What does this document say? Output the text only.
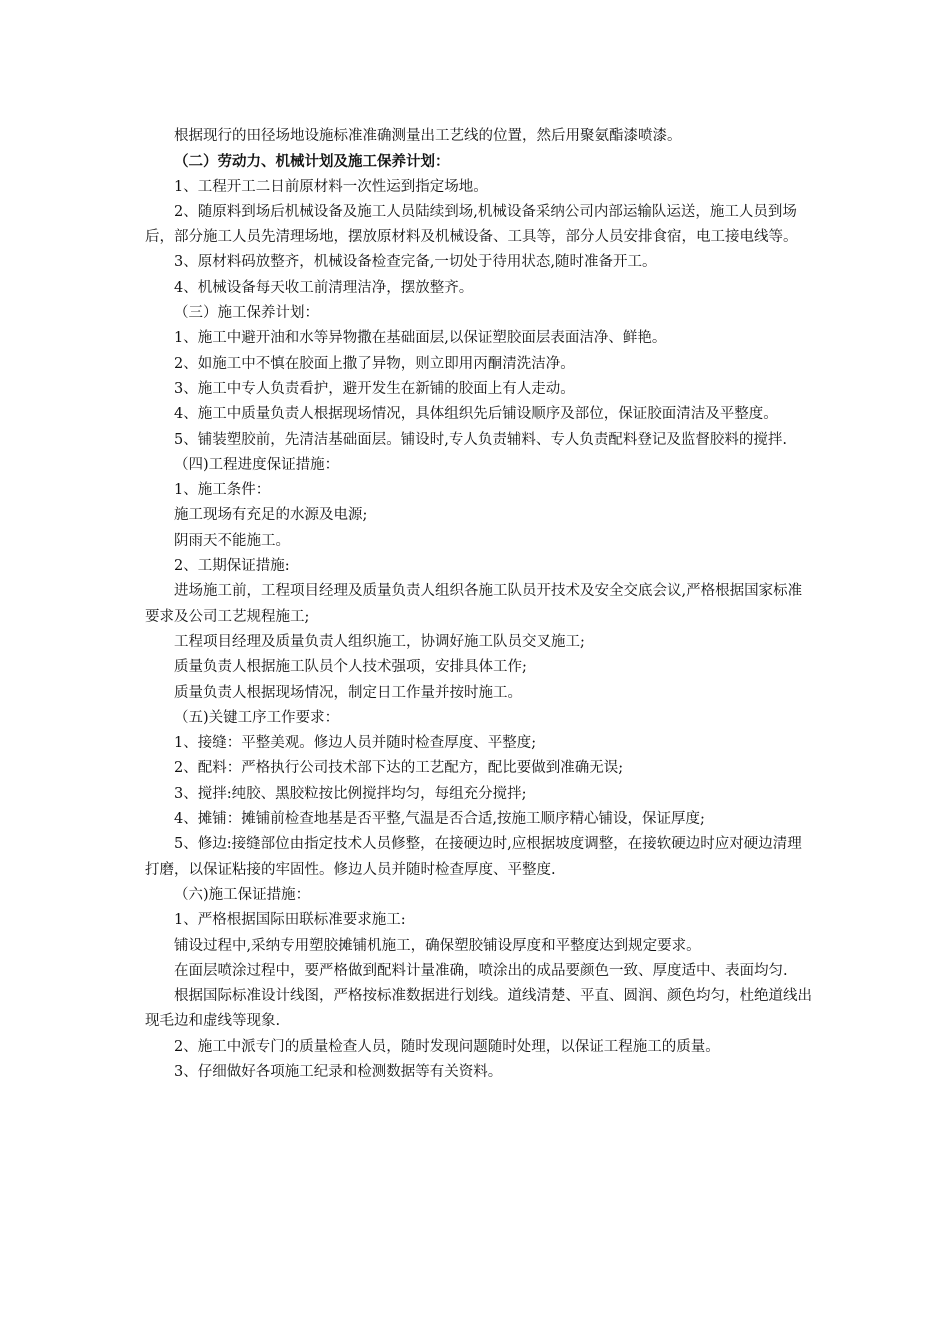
根据现行的田径场地设施标准准确测量出工艺线的位置，然后用聚氨酯漆喷漆。

（二）劳动力、机械计划及施工保养计划：

1、工程开工二日前原材料一次性运到指定场地。

2、随原料到场后机械设备及施工人员陆续到场,机械设备采纳公司内部运输队运送，施工人员到场后，部分施工人员先清理场地，摆放原材料及机械设备、工具等，部分人员安排食宿，电工接电线等。

3、原材料码放整齐，机械设备检查完备,一切处于待用状态,随时准备开工。

4、机械设备每天收工前清理洁净，摆放整齐。

（三）施工保养计划：

1、施工中避开油和水等异物撒在基础面层,以保证塑胶面层表面洁净、鲜艳。

2、如施工中不慎在胶面上撒了异物，则立即用丙酮清洗洁净。

3、施工中专人负责看护，避开发生在新铺的胶面上有人走动。

4、施工中质量负责人根据现场情况，具体组织先后铺设顺序及部位，保证胶面清洁及平整度。

5、铺装塑胶前，先清洁基础面层。铺设时,专人负责辅料、专人负责配料登记及监督胶料的搅拌.

（四)工程进度保证措施：

1、施工条件：

施工现场有充足的水源及电源;

阴雨天不能施工。

2、工期保证措施:

进场施工前，工程项目经理及质量负责人组织各施工队员开技术及安全交底会议,严格根据国家标准要求及公司工艺规程施工;

工程项目经理及质量负责人组织施工，协调好施工队员交叉施工;

质量负责人根据施工队员个人技术强项，安排具体工作;

质量负责人根据现场情况，制定日工作量并按时施工。

（五)关键工序工作要求：

1、接缝：平整美观。修边人员并随时检查厚度、平整度;

2、配料：严格执行公司技术部下达的工艺配方，配比要做到准确无误;

3、搅拌:纯胶、黑胶粒按比例搅拌均匀，每组充分搅拌;

4、摊铺：摊铺前检查地基是否平整,气温是否合适,按施工顺序精心铺设，保证厚度;

5、修边:接缝部位由指定技术人员修整，在接硬边时,应根据坡度调整，在接软硬边时应对硬边清理打磨，以保证粘接的牢固性。修边人员并随时检查厚度、平整度.

（六)施工保证措施：

1、严格根据国际田联标准要求施工:

铺设过程中,采纳专用塑胶摊铺机施工，确保塑胶铺设厚度和平整度达到规定要求。

在面层喷涂过程中，要严格做到配料计量准确，喷涂出的成品要颜色一致、厚度适中、表面均匀.

根据国际标准设计线图，严格按标准数据进行划线。道线清楚、平直、圆润、颜色均匀，杜绝道线出现毛边和虚线等现象.

2、施工中派专门的质量检查人员，随时发现问题随时处理，以保证工程施工的质量。

3、仔细做好各项施工纪录和检测数据等有关资料。
